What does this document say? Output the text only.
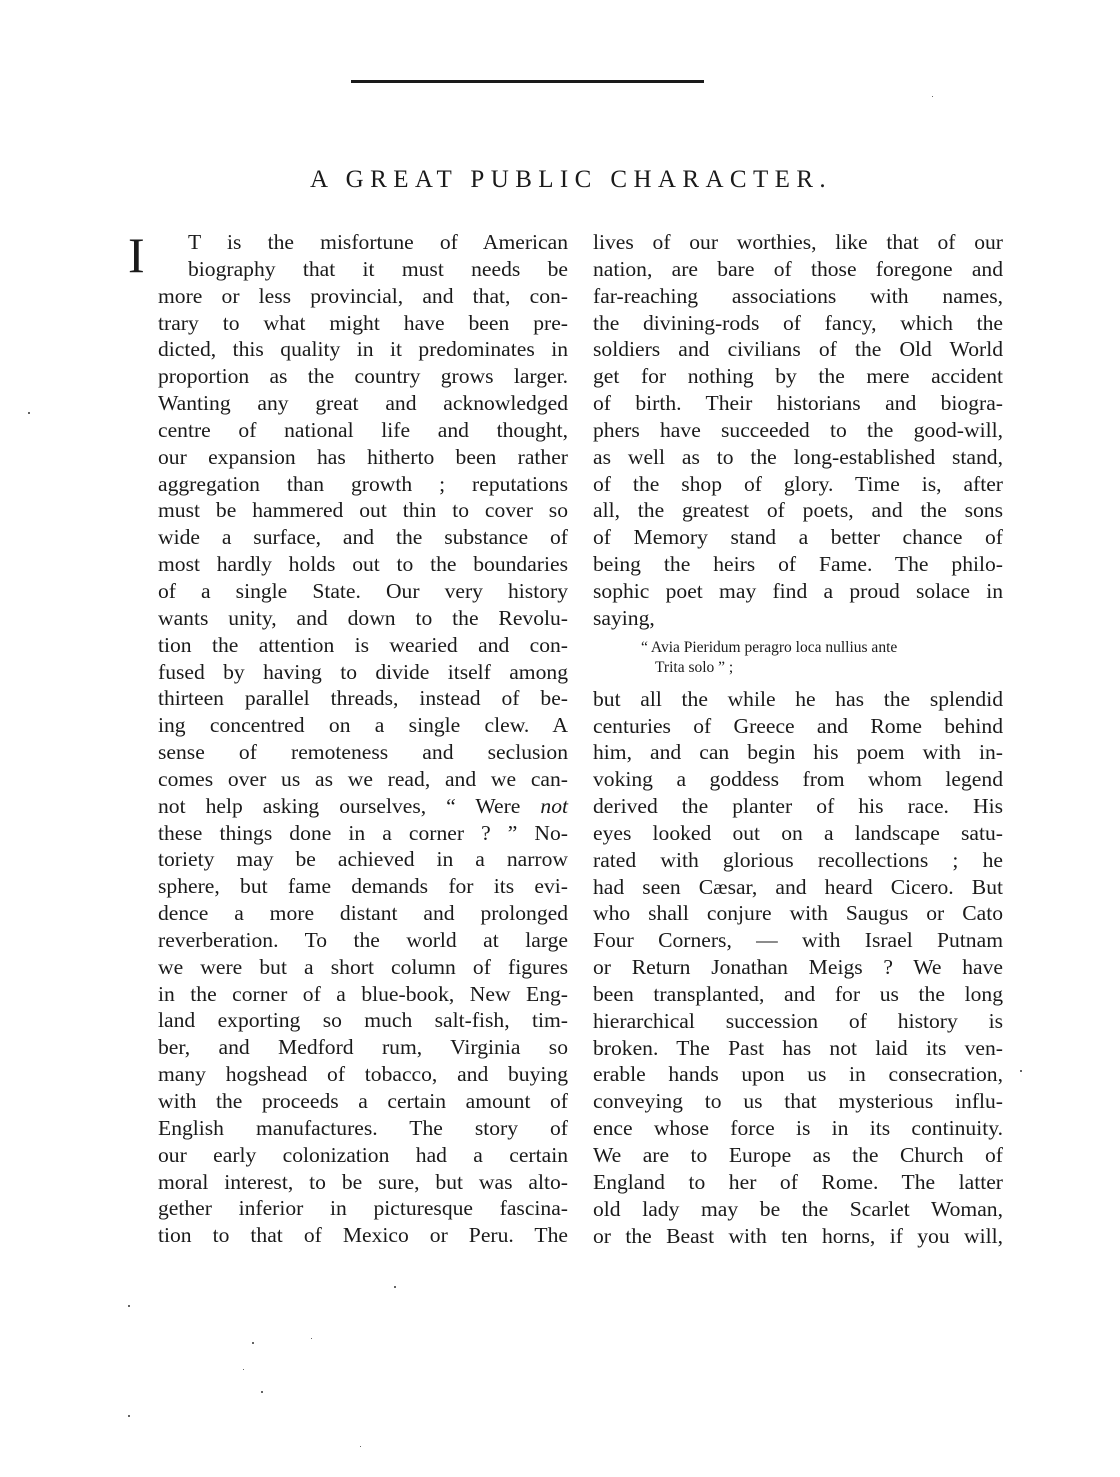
A GREAT PUBLIC CHARACTER.
I T is the misfortune of American
biography that it must needs be
more or less provincial, and that, con-
trary to what might have been pre-
dicted, this quality in it predominates in
proportion as the country grows larger.
Wanting any great and acknowledged
centre of national life and thought,
our expansion has hitherto been rather
aggregation than growth ; reputations
must be hammered out thin to cover so
wide a surface, and the substance of
most hardly holds out to the boundaries
of a single State. Our very history
wants unity, and down to the Revolu-
tion the attention is wearied and con-
fused by having to divide itself among
thirteen parallel threads, instead of be-
ing concentred on a single clew. A
sense of remoteness and seclusion
comes over us as we read, and we can-
not help asking ourselves, “ Were not
these things done in a corner ? ” No-
toriety may be achieved in a narrow
sphere, but fame demands for its evi-
dence a more distant and prolonged
reverberation. To the world at large
we were but a short column of figures
in the corner of a blue-book, New Eng-
land exporting so much salt-fish, tim-
ber, and Medford rum, Virginia so
many hogshead of tobacco, and buying
with the proceeds a certain amount of
English manufactures. The story of
our early colonization had a certain
moral interest, to be sure, but was alto-
gether inferior in picturesque fascina-
tion to that of Mexico or Peru. The
lives of our worthies, like that of our
nation, are bare of those foregone and
far-reaching associations with names,
the divining-rods of fancy, which the
soldiers and civilians of the Old World
get for nothing by the mere accident
of birth. Their historians and biogra-
phers have succeeded to the good-will,
as well as to the long-established stand,
of the shop of glory. Time is, after
all, the greatest of poets, and the sons
of Memory stand a better chance of
being the heirs of Fame. The philo-
sophic poet may find a proud solace in
saying,
“ Avia Pieridum peragro loca nullius ante
Trita solo ” ;
but all the while he has the splendid
centuries of Greece and Rome behind
him, and can begin his poem with in-
voking a goddess from whom legend
derived the planter of his race. His
eyes looked out on a landscape satu-
rated with glorious recollections ; he
had seen Cæsar, and heard Cicero. But
who shall conjure with Saugus or Cato
Four Corners, — with Israel Putnam
or Return Jonathan Meigs ? We have
been transplanted, and for us the long
hierarchical succession of history is
broken. The Past has not laid its ven-
erable hands upon us in consecration,
conveying to us that mysterious influ-
ence whose force is in its continuity.
We are to Europe as the Church of
England to her of Rome. The latter
old lady may be the Scarlet Woman,
or the Beast with ten horns, if you will,
